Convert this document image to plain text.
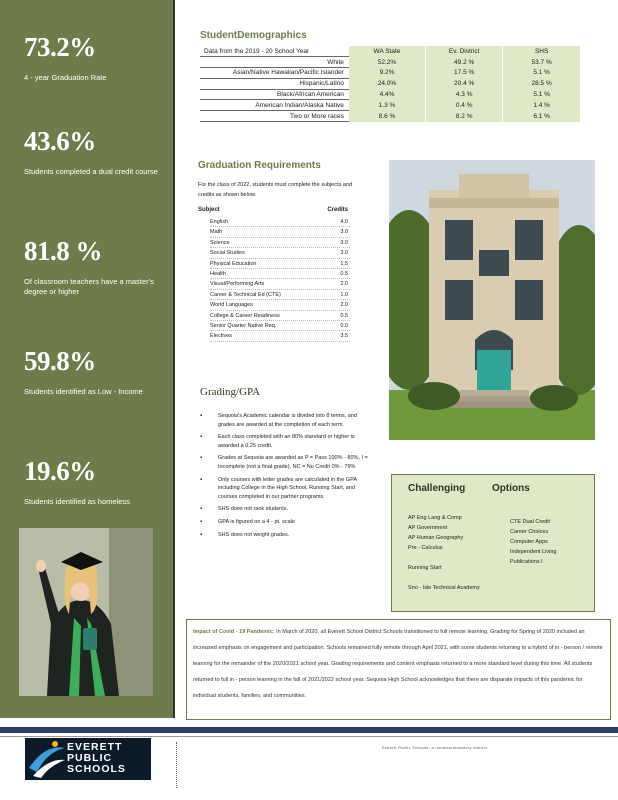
73.2%
4 - year Graduation Rate
43.6%
Students completed a dual credit course
81.8 %
Of classroom teachers have a master's degree or higher
59.8%
Students identified as Low - Income
19.6%
Students identified as homeless
StudentDemographics
Data from the 2019 - 20 School Year	WA State	Ev. District	SHS
White	52.2%	49.2 %	53.7 %
Asian/Native Hawaiian/Pacific Islander	9.2%	17.5 %	5.1 %
Hispanic/Latino	24.0%	20.4 %	28.5 %
Black/African American	4.4%	4.3 %	5.1 %
American Indian/Alaska Native	1.3 %	0.4 %	1.4 %
Two or More races	8.6 %	8.2 %	6.1 %
Graduation Requirements
For the class of 2022, students must complete the subjects and credits as shown below.
Subject	Credits
English	4.0
Math	3.0
Science	3.0
Social Studies	3.0
Physical Education	1.5
Health	0.5
Visual/Performing Arts	2.0
Career & Technical Ed (CTE)	1.0
World Languages	2.0
College & Career Readiness	0.5
Senior Quarter Native Req.	0.0
Electives	3.5
Grading/GPA
▪ Sequoia's Academic calendar is divided into 8 terms, and grades are awarded at the completion of each term.
▪ Each class completed with an 80% standard or higher is awarded a 0.25 credit.
▪ Grades at Sequoia are awarded as P = Pass 100% - 80%, I = Incomplete (not a final grade), NC = No Credit 0% - 79%
▪ Only courses with letter grades are calculated in the GPA including College in the High School, Running Start, and courses completed in our partner programs.
▪ SHS does not rank students.
▪ GPA is figured on a 4 - pt. scale
▪ SHS does not weight grades.
Challenging	Options
AP Eng Lang & Comp
AP Government
AP Human Geography
Pre - Calculus
Running Start
Sno - Isle Technical Academy
CTE Dual Credit
Career Choices
Computer Apps
Independent Living
Publications I
Impact of Covid - 19 Pandemic: In March of 2020, all Everett School District Schools transitioned to full remote learning. Grading for Spring of 2020 included an increased emphasis on engagement and participation. Schools remained fully remote through April 2021, with some students returning to a hybrid of in - person / remote learning for the remainder of the 2020/2021 school year. Grading requirements and content emphasis returned to a more standard level during this time. All students returned to full in - person learning in the fall of 2021/2022 school year. Sequoia High School acknowledges that there are disparate impacts of this pandemic for individual students, families, and communities.
EVERETT
PUBLIC
SCHOOLS
Everett Public Schools, a nondiscriminatory district
